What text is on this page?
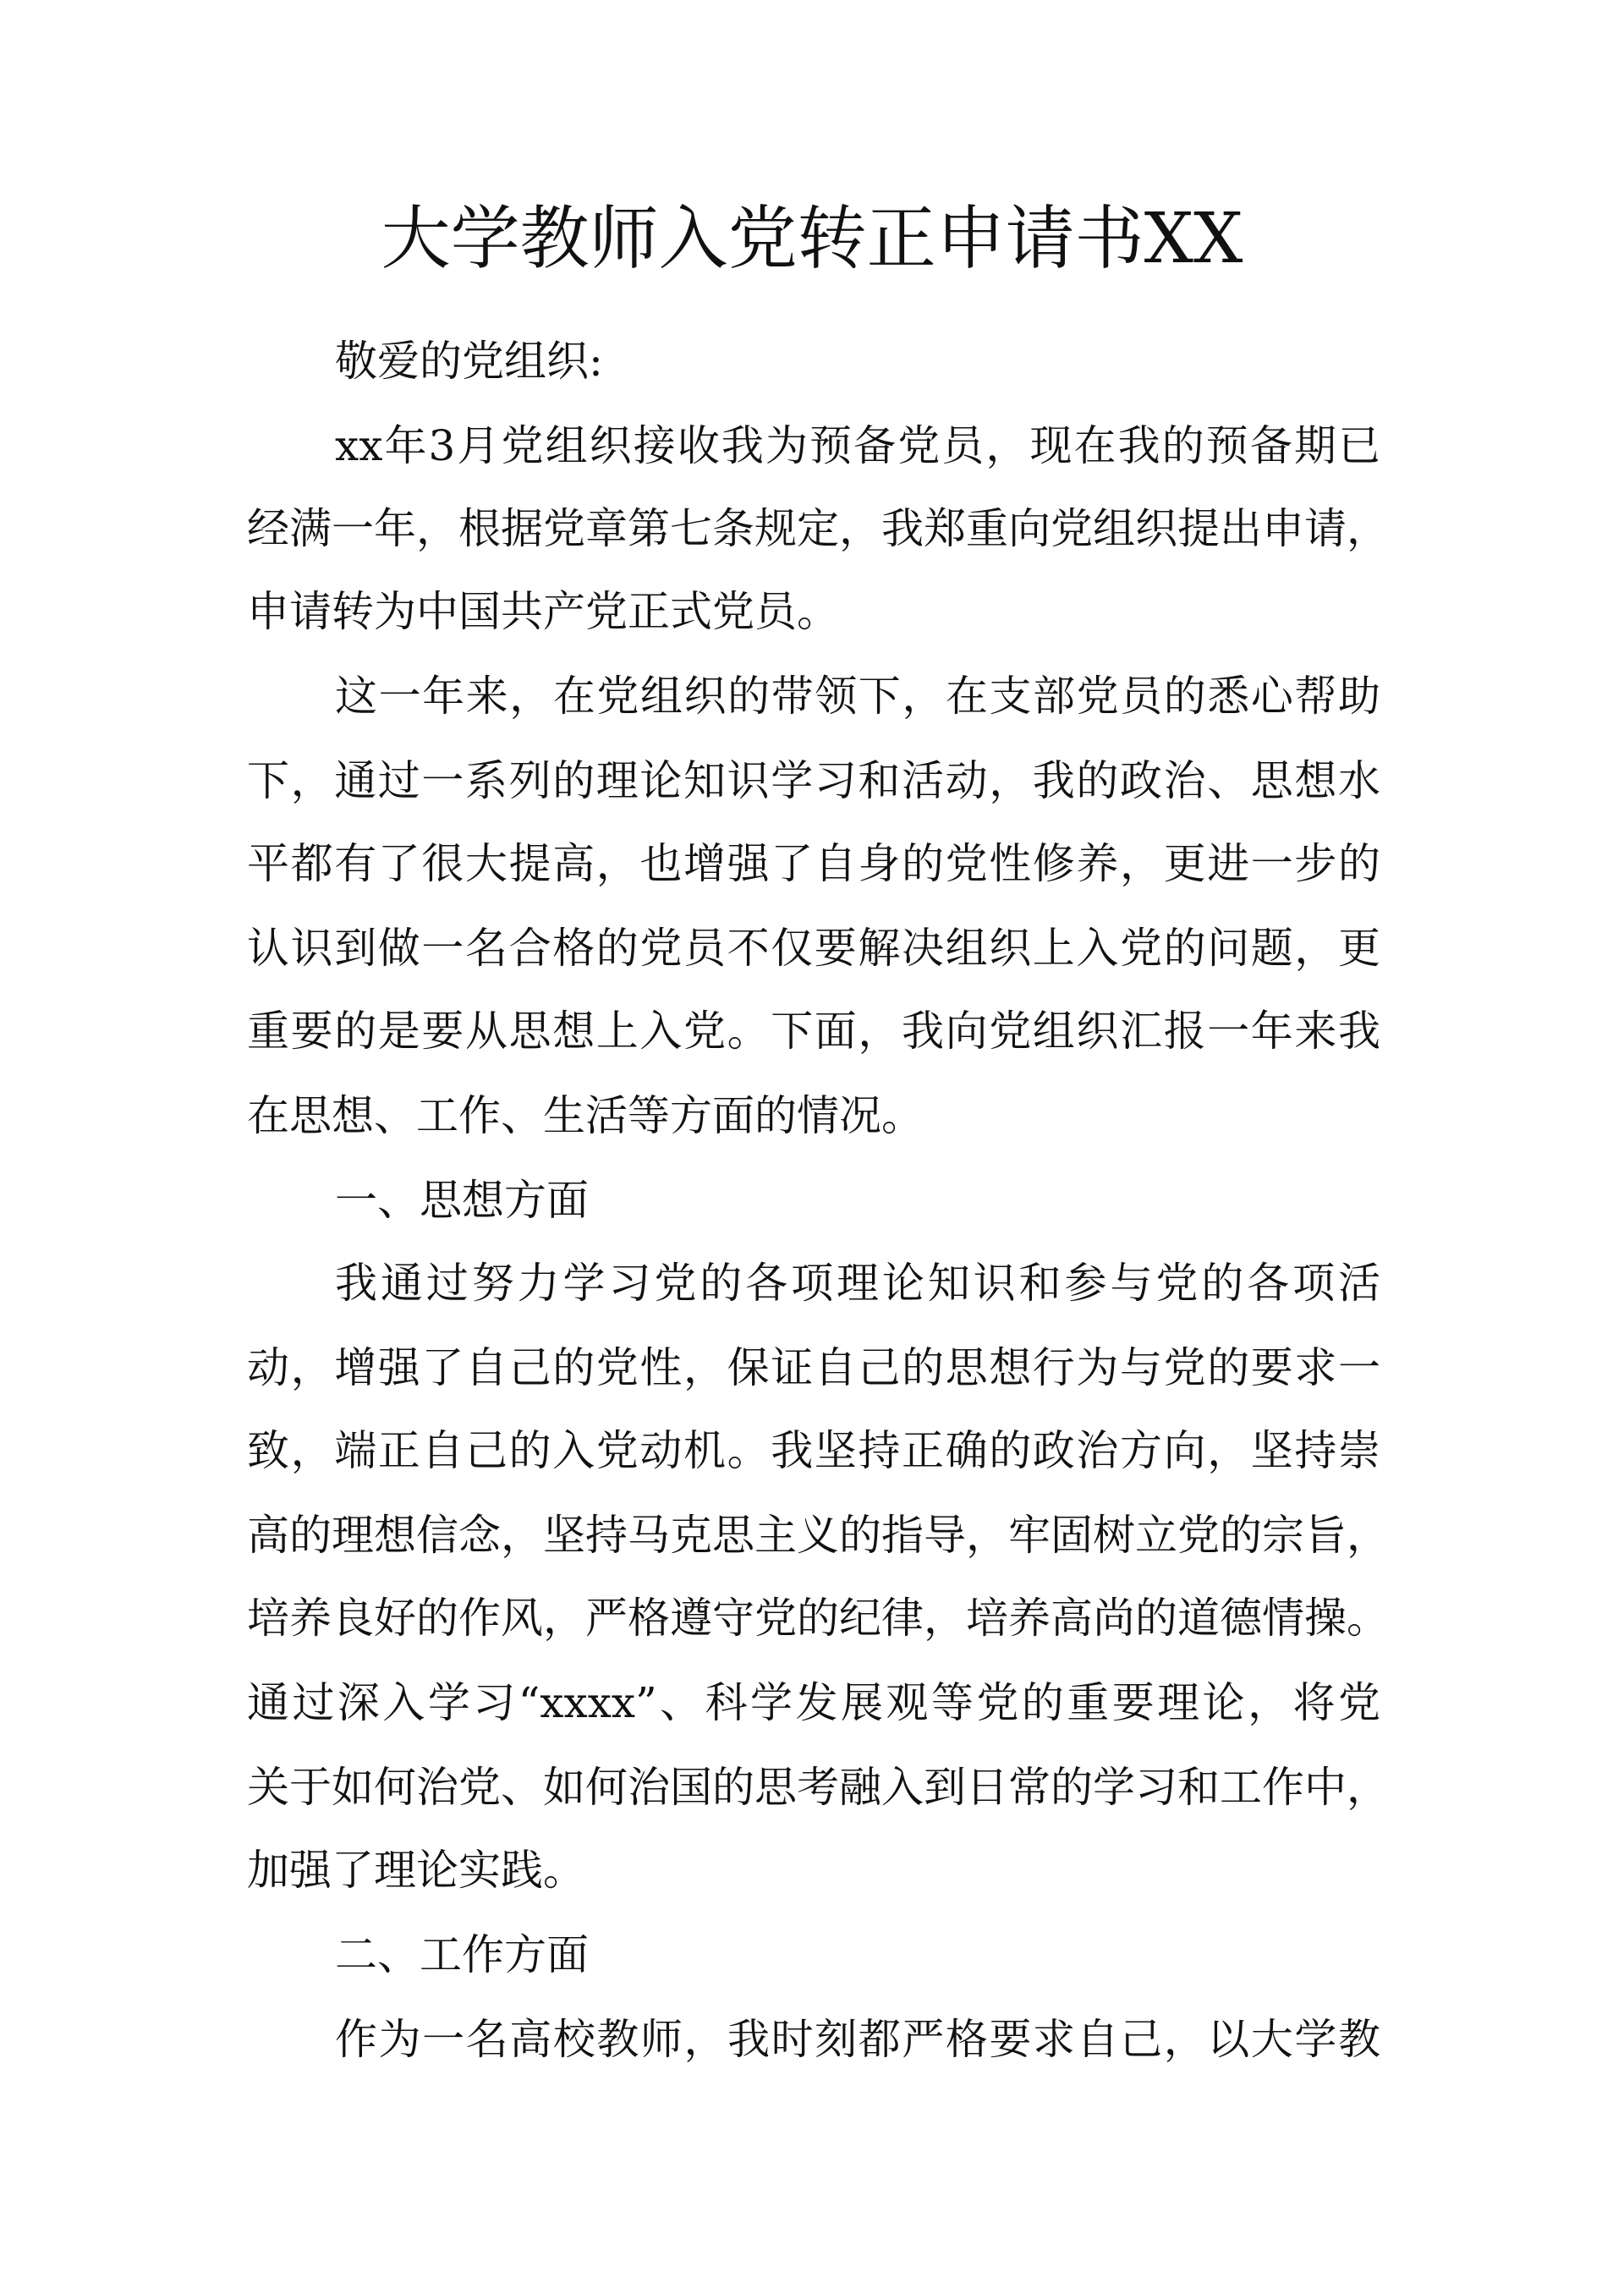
大学教师入党转正申请书XX

敬爱的党组织:

xx年3月党组织接收我为预备党员，现在我的预备期已

经满一年，根据党章第七条规定，我郑重向党组织提出申请，

申请转为中国共产党正式党员。

这一年来，在党组织的带领下，在支部党员的悉心帮助

下，通过一系列的理论知识学习和活动，我的政治、思想水

平都有了很大提高，也增强了自身的党性修养，更进一步的

认识到做一名合格的党员不仅要解决组织上入党的问题，更

重要的是要从思想上入党。下面，我向党组织汇报一年来我

在思想、工作、生活等方面的情况。

一、思想方面

我通过努力学习党的各项理论知识和参与党的各项活

动，增强了自己的党性，保证自己的思想行为与党的要求一

致，端正自己的入党动机。我坚持正确的政治方向，坚持崇

高的理想信念，坚持马克思主义的指导，牢固树立党的宗旨，

培养良好的作风，严格遵守党的纪律，培养高尚的道德情操。

通过深入学习“xxxx”、科学发展观等党的重要理论，将党

关于如何治党、如何治国的思考融入到日常的学习和工作中，

加强了理论实践。

二、工作方面

作为一名高校教师，我时刻都严格要求自己，以大学教
